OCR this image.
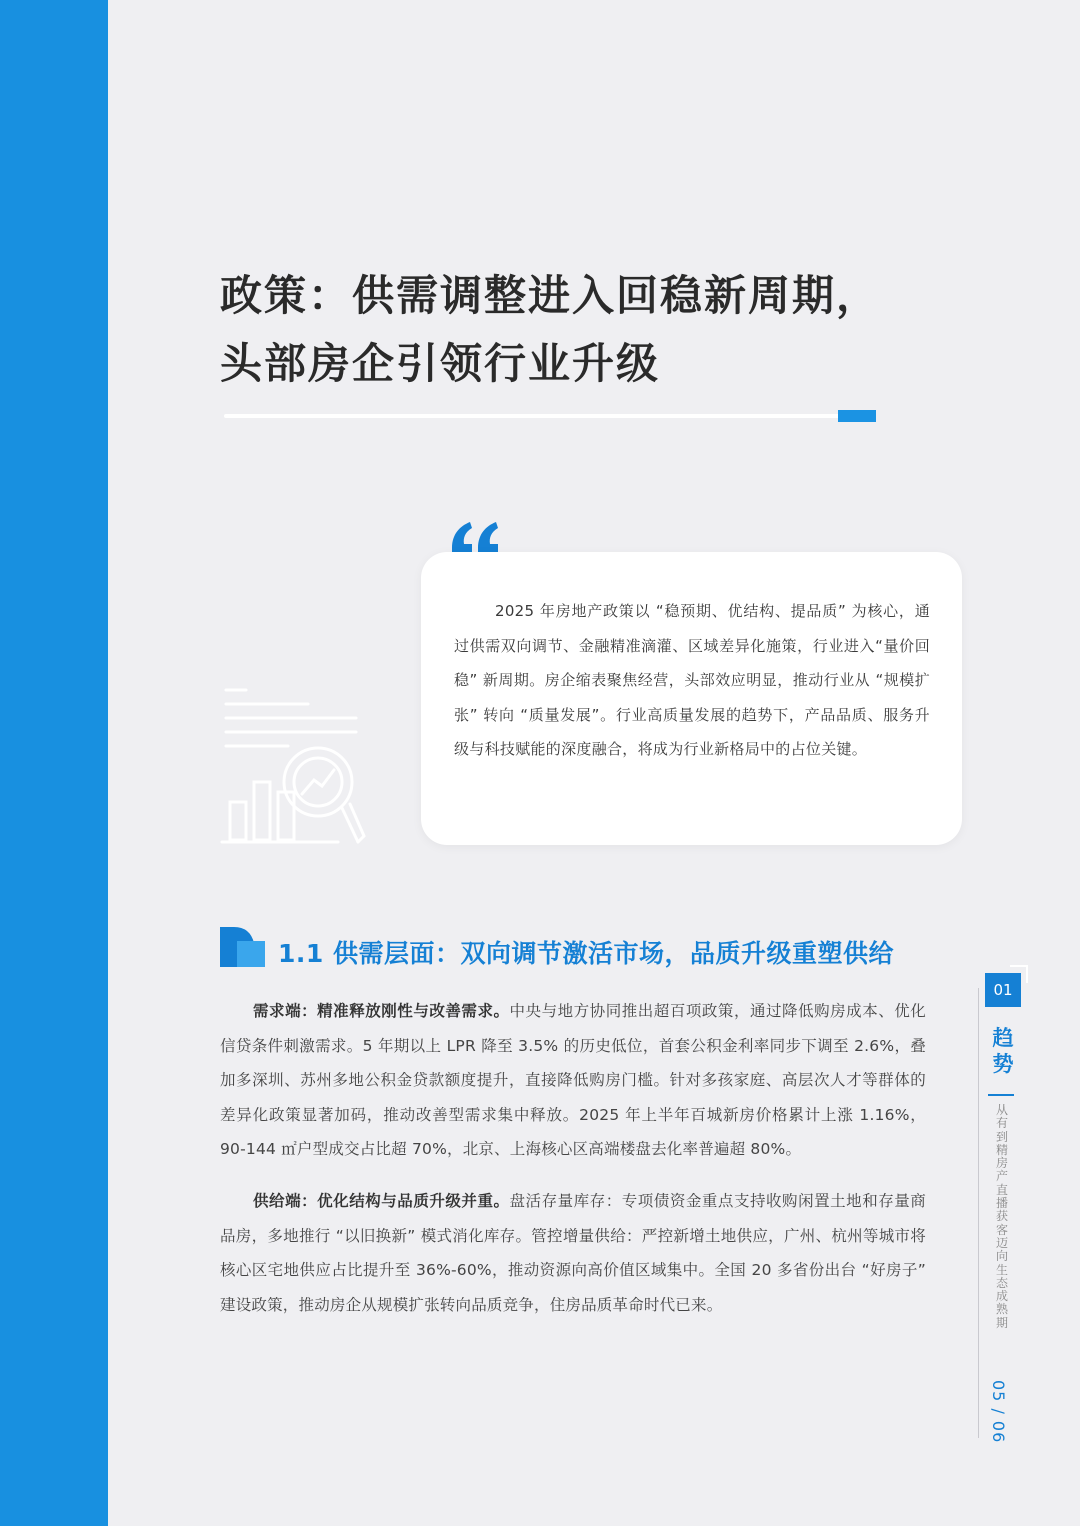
政策：供需调整进入回稳新周期，
头部房企引领行业升级
2025 年房地产政策以 “稳预期、优结构、提品质” 为核心，通过供需双向调节、金融精准滴灌、区域差异化施策，行业进入“量价回稳” 新周期。房企缩表聚焦经营，头部效应明显，推动行业从 “规模扩张” 转向 “质量发展”。行业高质量发展的趋势下，产品品质、服务升级与科技赋能的深度融合，将成为行业新格局中的占位关键。
1.1 供需层面：双向调节激活市场，品质升级重塑供给
需求端：精准释放刚性与改善需求。中央与地方协同推出超百项政策，通过降低购房成本、优化信贷条件刺激需求。5 年期以上 LPR 降至 3.5% 的历史低位，首套公积金利率同步下调至 2.6%，叠加多深圳、苏州多地公积金贷款额度提升，直接降低购房门槛。针对多孩家庭、高层次人才等群体的差异化政策显著加码，推动改善型需求集中释放。2025 年上半年百城新房价格累计上涨 1.16%，90-144 ㎡户型成交占比超 70%，北京、上海核心区高端楼盘去化率普遍超 80%。
供给端：优化结构与品质升级并重。盘活存量库存：专项债资金重点支持收购闲置土地和存量商品房，多地推行 “以旧换新” 模式消化库存。管控增量供给：严控新增土地供应，广州、杭州等城市将核心区宅地供应占比提升至 36%-60%，推动资源向高价值区域集中。全国 20 多省份出台 “好房子” 建设政策，推动房企从规模扩张转向品质竞争，住房品质革命时代已来。
01
趋势
从有到精 房产直播获客迈向生态成熟期
05 / 06
